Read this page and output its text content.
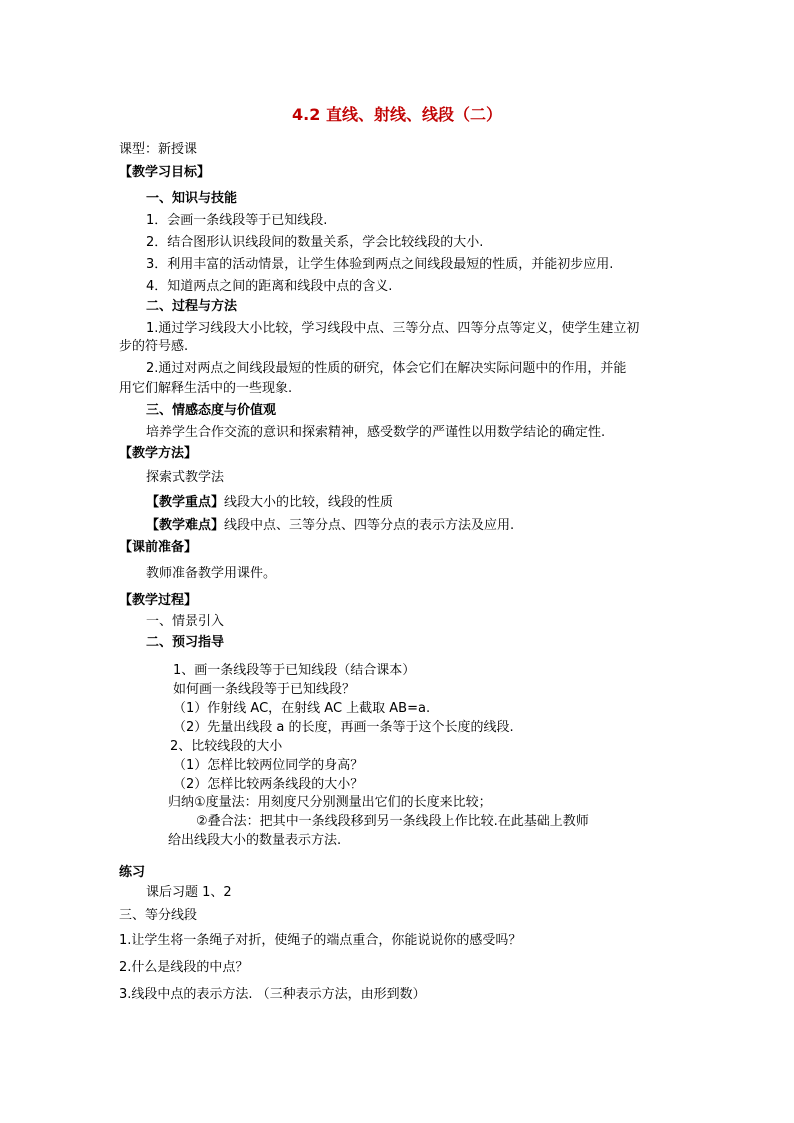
4.2 直线、射线、线段（二）
课型：新授课
【教学习目标】
一、知识与技能
1．会画一条线段等于已知线段.
2．结合图形认识线段间的数量关系，学会比较线段的大小.
3．利用丰富的活动情景，让学生体验到两点之间线段最短的性质，并能初步应用.
4．知道两点之间的距离和线段中点的含义.
二、过程与方法
1.通过学习线段大小比较，学习线段中点、三等分点、四等分点等定义，使学生建立初
步的符号感.
2.通过对两点之间线段最短的性质的研究，体会它们在解决实际问题中的作用，并能
用它们解释生活中的一些现象.
三、情感态度与价值观
培养学生合作交流的意识和探索精神，感受数学的严谨性以用数学结论的确定性.
【教学方法】
探索式教学法
【教学重点】线段大小的比较，线段的性质
【教学难点】线段中点、三等分点、四等分点的表示方法及应用.
【课前准备】
教师准备教学用课件。
【教学过程】
一、情景引入
二、预习指导
1、画一条线段等于已知线段（结合课本）
如何画一条线段等于已知线段？
（1）作射线 AC，在射线 AC 上截取 AB=a.
（2）先量出线段 a 的长度，再画一条等于这个长度的线段.
2、比较线段的大小
（1）怎样比较两位同学的身高？
（2）怎样比较两条线段的大小？
归纳①度量法：用刻度尺分别测量出它们的长度来比较；
②叠合法：把其中一条线段移到另一条线段上作比较.在此基础上教师
给出线段大小的数量表示方法.
练习
课后习题 1、2
三、等分线段
1.让学生将一条绳子对折，使绳子的端点重合，你能说说你的感受吗？
2.什么是线段的中点？
3.线段中点的表示方法. （三种表示方法，由形到数）
